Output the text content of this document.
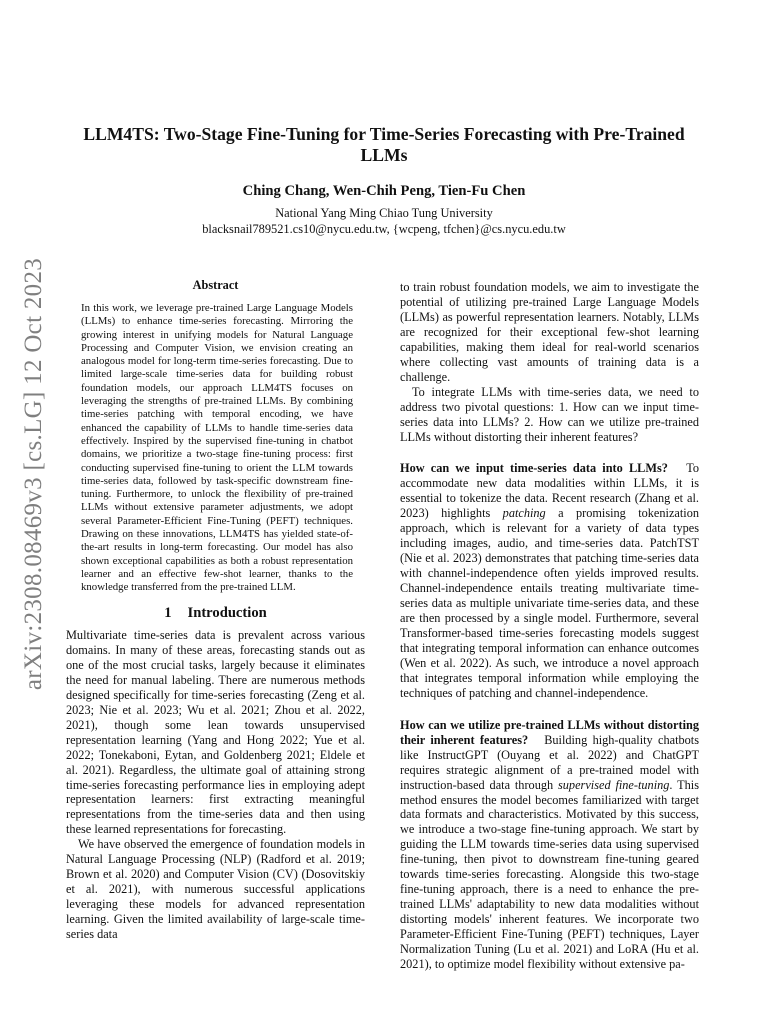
arXiv:2308.08469v3 [cs.LG] 12 Oct 2023
LLM4TS: Two-Stage Fine-Tuning for Time-Series Forecasting with Pre-Trained LLMs
Ching Chang, Wen-Chih Peng, Tien-Fu Chen
National Yang Ming Chiao Tung University
blacksnail789521.cs10@nycu.edu.tw, {wcpeng, tfchen}@cs.nycu.edu.tw
Abstract
In this work, we leverage pre-trained Large Language Models (LLMs) to enhance time-series forecasting. Mirroring the growing interest in unifying models for Natural Language Processing and Computer Vision, we envision creating an analogous model for long-term time-series forecasting. Due to limited large-scale time-series data for building robust foundation models, our approach LLM4TS focuses on leveraging the strengths of pre-trained LLMs. By combining time-series patching with temporal encoding, we have enhanced the capability of LLMs to handle time-series data effectively. Inspired by the supervised fine-tuning in chatbot domains, we prioritize a two-stage fine-tuning process: first conducting supervised fine-tuning to orient the LLM towards time-series data, followed by task-specific downstream fine-tuning. Furthermore, to unlock the flexibility of pre-trained LLMs without extensive parameter adjustments, we adopt several Parameter-Efficient Fine-Tuning (PEFT) techniques. Drawing on these innovations, LLM4TS has yielded state-of-the-art results in long-term forecasting. Our model has also shown exceptional capabilities as both a robust representation learner and an effective few-shot learner, thanks to the knowledge transferred from the pre-trained LLM.
1 Introduction

Multivariate time-series data is prevalent across various domains. In many of these areas, forecasting stands out as one of the most crucial tasks, largely because it eliminates the need for manual labeling. There are numerous methods designed specifically for time-series forecasting (Zeng et al. 2023; Nie et al. 2023; Wu et al. 2021; Zhou et al. 2022, 2021), though some lean towards unsupervised representation learning (Yang and Hong 2022; Yue et al. 2022; Tonekaboni, Eytan, and Goldenberg 2021; Eldele et al. 2021). Regardless, the ultimate goal of attaining strong time-series forecasting performance lies in employing adept representation learners: first extracting meaningful representations from the time-series data and then using these learned representations for forecasting.

We have observed the emergence of foundation models in Natural Language Processing (NLP) (Radford et al. 2019; Brown et al. 2020) and Computer Vision (CV) (Dosovitskiy et al. 2021), with numerous successful applications leveraging these models for advanced representation learning. Given the limited availability of large-scale time-series data

to train robust foundation models, we aim to investigate the potential of utilizing pre-trained Large Language Models (LLMs) as powerful representation learners. Notably, LLMs are recognized for their exceptional few-shot learning capabilities, making them ideal for real-world scenarios where collecting vast amounts of training data is a challenge.

To integrate LLMs with time-series data, we need to address two pivotal questions: 1. How can we input time-series data into LLMs? 2. How can we utilize pre-trained LLMs without distorting their inherent features?

How can we input time-series data into LLMs? To accommodate new data modalities within LLMs, it is essential to tokenize the data. Recent research (Zhang et al. 2023) highlights patching a promising tokenization approach, which is relevant for a variety of data types including images, audio, and time-series data. PatchTST (Nie et al. 2023) demonstrates that patching time-series data with channel-independence often yields improved results. Channel-independence entails treating multivariate time-series data as multiple univariate time-series data, and these are then processed by a single model. Furthermore, several Transformer-based time-series forecasting models suggest that integrating temporal information can enhance outcomes (Wen et al. 2022). As such, we introduce a novel approach that integrates temporal information while employing the techniques of patching and channel-independence.

How can we utilize pre-trained LLMs without distorting their inherent features? Building high-quality chatbots like InstructGPT (Ouyang et al. 2022) and ChatGPT requires strategic alignment of a pre-trained model with instruction-based data through supervised fine-tuning. This method ensures the model becomes familiarized with target data formats and characteristics. Motivated by this success, we introduce a two-stage fine-tuning approach. We start by guiding the LLM towards time-series data using supervised fine-tuning, then pivot to downstream fine-tuning geared towards time-series forecasting. Alongside this two-stage fine-tuning approach, there is a need to enhance the pre-trained LLMs' adaptability to new data modalities without distorting models' inherent features. We incorporate two Parameter-Efficient Fine-Tuning (PEFT) techniques, Layer Normalization Tuning (Lu et al. 2021) and LoRA (Hu et al. 2021), to optimize model flexibility without extensive pa-
